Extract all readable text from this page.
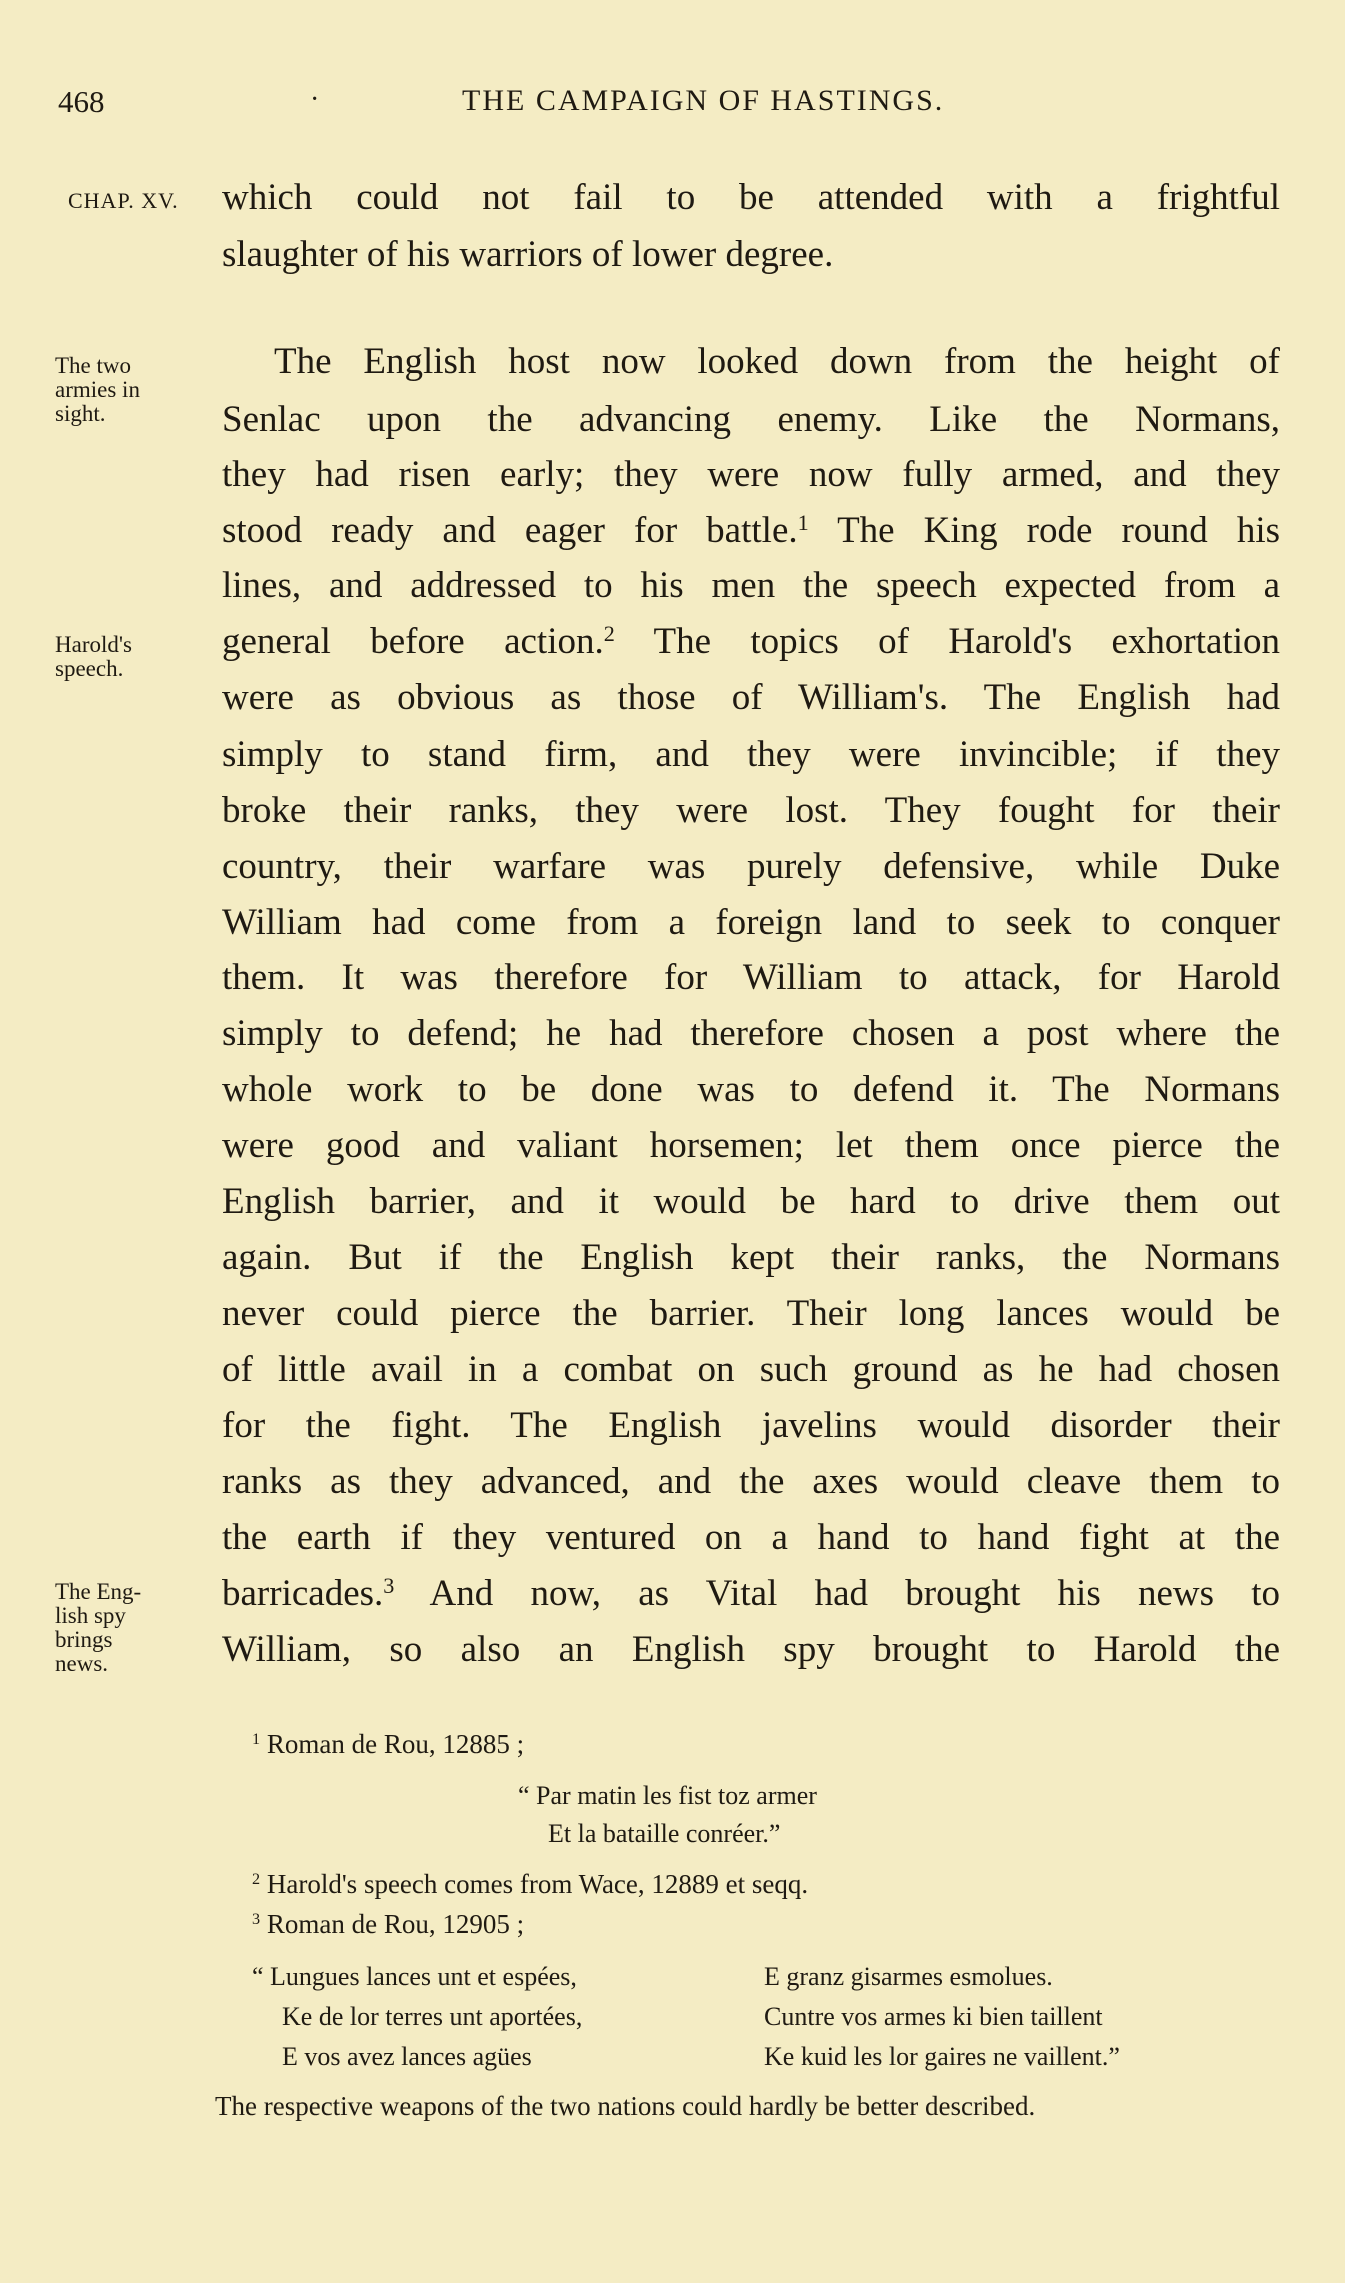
468	·	THE CAMPAIGN OF HASTINGS.
CHAP. XV. which could not fail to be attended with a frightful
slaughter of his warriors of lower degree.
The English host now looked down from the height of
Senlac upon the advancing enemy. Like the Normans,
they had risen early; they were now fully armed, and they
stood ready and eager for battle.$^1$ The King rode round his
lines, and addressed to his men the speech expected from a
general before action.$^2$ The topics of Harold's exhortation
were as obvious as those of William's. The English had
simply to stand firm, and they were invincible; if they
broke their ranks, they were lost. They fought for their
country, their warfare was purely defensive, while Duke
William had come from a foreign land to seek to conquer
them. It was therefore for William to attack, for Harold
simply to defend; he had therefore chosen a post where the
whole work to be done was to defend it. The Normans
were good and valiant horsemen; let them once pierce the
English barrier, and it would be hard to drive them out
again. But if the English kept their ranks, the Normans
never could pierce the barrier. Their long lances would be
of little avail in a combat on such ground as he had chosen
for the fight. The English javelins would disorder their
ranks as they advanced, and the axes would cleave them to
the earth if they ventured on a hand to hand fight at the
barricades.$^3$ And now, as Vital had brought his news to
William, so also an English spy brought to Harold the
The two
armies in
sight.
Harold's
speech.
The Eng-
lish spy
brings
news.
$^1$ Roman de Rou, 12885 ;
“ Par matin les fist toz armer
Et la bataille conréer.”
$^2$ Harold's speech comes from Wace, 12889 et seqq.
$^3$ Roman de Rou, 12905 ;
“ Lungues lances unt et espées,
Ke de lor terres unt aportées,
E vos avez lances agües
E granz gisarmes esmolues.
Cuntre vos armes ki bien taillent
Ke kuid les lor gaires ne vaillent.”
The respective weapons of the two nations could hardly be better described.
